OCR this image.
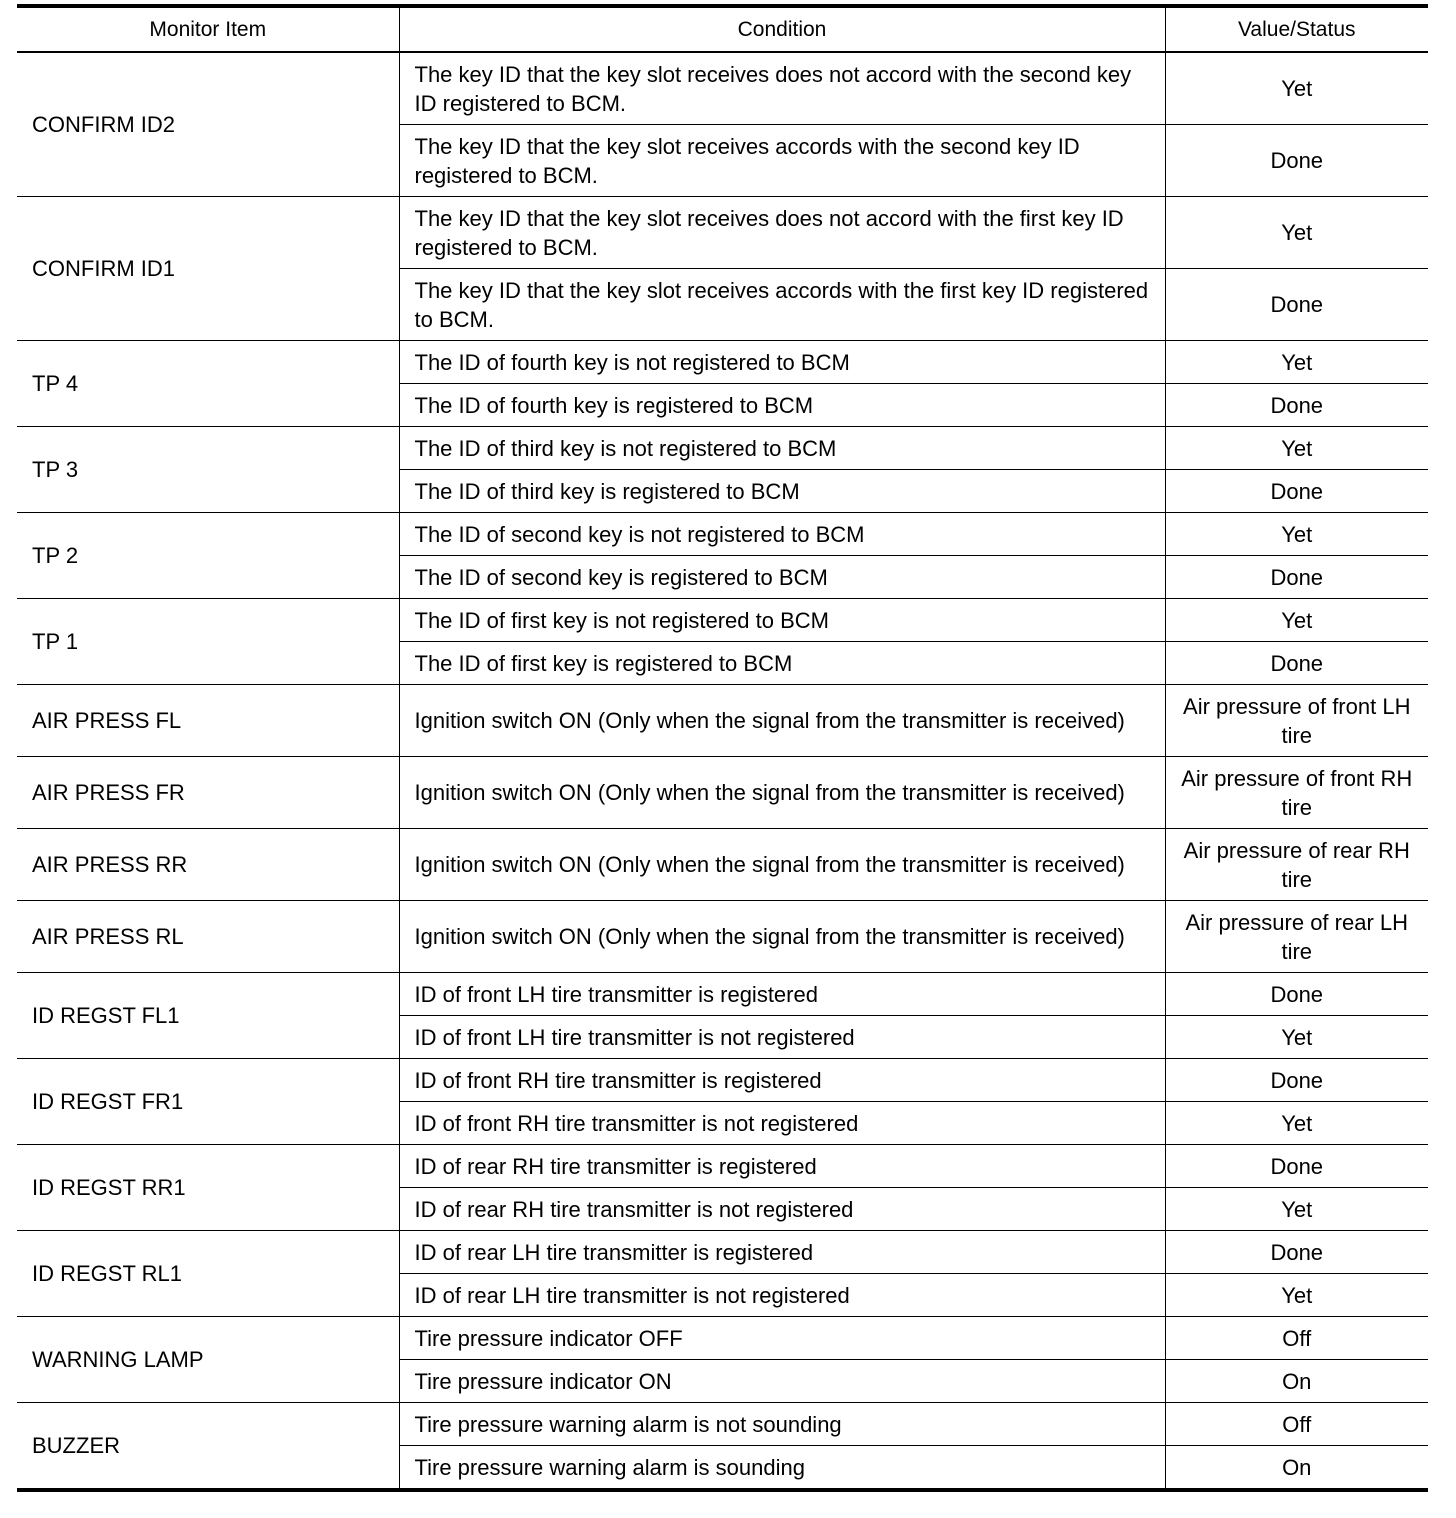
Monitor Item	Condition	Value/Status
CONFIRM ID2	The key ID that the key slot receives does not accord with the second key ID registered to BCM.	Yet
	The key ID that the key slot receives accords with the second key ID registered to BCM.	Done
CONFIRM ID1	The key ID that the key slot receives does not accord with the first key ID registered to BCM.	Yet
	The key ID that the key slot receives accords with the first key ID registered to BCM.	Done
TP 4	The ID of fourth key is not registered to BCM	Yet
	The ID of fourth key is registered to BCM	Done
TP 3	The ID of third key is not registered to BCM	Yet
	The ID of third key is registered to BCM	Done
TP 2	The ID of second key is not registered to BCM	Yet
	The ID of second key is registered to BCM	Done
TP 1	The ID of first key is not registered to BCM	Yet
	The ID of first key is registered to BCM	Done
AIR PRESS FL	Ignition switch ON (Only when the signal from the transmitter is received)	Air pressure of front LH tire
AIR PRESS FR	Ignition switch ON (Only when the signal from the transmitter is received)	Air pressure of front RH tire
AIR PRESS RR	Ignition switch ON (Only when the signal from the transmitter is received)	Air pressure of rear RH tire
AIR PRESS RL	Ignition switch ON (Only when the signal from the transmitter is received)	Air pressure of rear LH tire
ID REGST FL1	ID of front LH tire transmitter is registered	Done
	ID of front LH tire transmitter is not registered	Yet
ID REGST FR1	ID of front RH tire transmitter is registered	Done
	ID of front RH tire transmitter is not registered	Yet
ID REGST RR1	ID of rear RH tire transmitter is registered	Done
	ID of rear RH tire transmitter is not registered	Yet
ID REGST RL1	ID of rear LH tire transmitter is registered	Done
	ID of rear LH tire transmitter is not registered	Yet
WARNING LAMP	Tire pressure indicator OFF	Off
	Tire pressure indicator ON	On
BUZZER	Tire pressure warning alarm is not sounding	Off
	Tire pressure warning alarm is sounding	On
